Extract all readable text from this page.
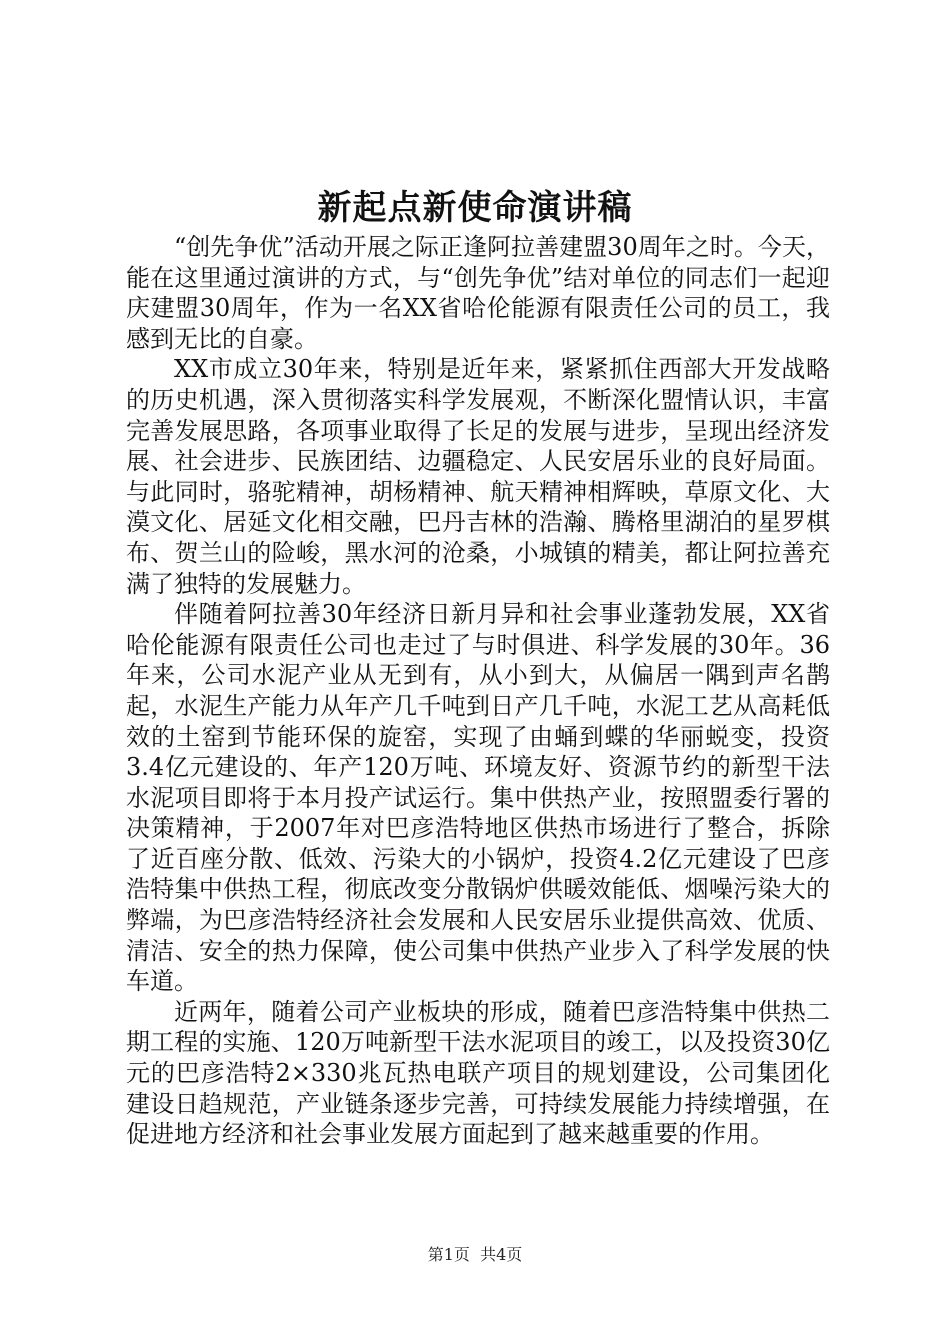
新起点新使命演讲稿

“创先争优”活动开展之际正逢阿拉善建盟30周年之时。今天，能在这里通过演讲的方式，与“创先争优”结对单位的同志们一起迎庆建盟30周年，作为一名XX省哈伦能源有限责任公司的员工，我感到无比的自豪。

XX市成立30年来，特别是近年来，紧紧抓住西部大开发战略的历史机遇，深入贯彻落实科学发展观，不断深化盟情认识，丰富完善发展思路，各项事业取得了长足的发展与进步，呈现出经济发展、社会进步、民族团结、边疆稳定、人民安居乐业的良好局面。与此同时，骆驼精神，胡杨精神、航天精神相辉映，草原文化、大漠文化、居延文化相交融，巴丹吉林的浩瀚、腾格里湖泊的星罗棋布、贺兰山的险峻，黑水河的沧桑，小城镇的精美，都让阿拉善充满了独特的发展魅力。

伴随着阿拉善30年经济日新月异和社会事业蓬勃发展，XX省哈伦能源有限责任公司也走过了与时俱进、科学发展的30年。36年来，公司水泥产业从无到有，从小到大，从偏居一隅到声名鹊起，水泥生产能力从年产几千吨到日产几千吨，水泥工艺从高耗低效的土窑到节能环保的旋窑，实现了由蛹到蝶的华丽蜕变，投资3.4亿元建设的、年产120万吨、环境友好、资源节约的新型干法水泥项目即将于本月投产试运行。集中供热产业，按照盟委行署的决策精神，于2007年对巴彦浩特地区供热市场进行了整合，拆除了近百座分散、低效、污染大的小锅炉，投资4.2亿元建设了巴彦浩特集中供热工程，彻底改变分散锅炉供暖效能低、烟噪污染大的弊端，为巴彦浩特经济社会发展和人民安居乐业提供高效、优质、清洁、安全的热力保障，使公司集中供热产业步入了科学发展的快车道。

近两年，随着公司产业板块的形成，随着巴彦浩特集中供热二期工程的实施、120万吨新型干法水泥项目的竣工，以及投资30亿元的巴彦浩特2×330兆瓦热电联产项目的规划建设，公司集团化建设日趋规范，产业链条逐步完善，可持续发展能力持续增强，在促进地方经济和社会事业发展方面起到了越来越重要的作用。

第1页 共4页
